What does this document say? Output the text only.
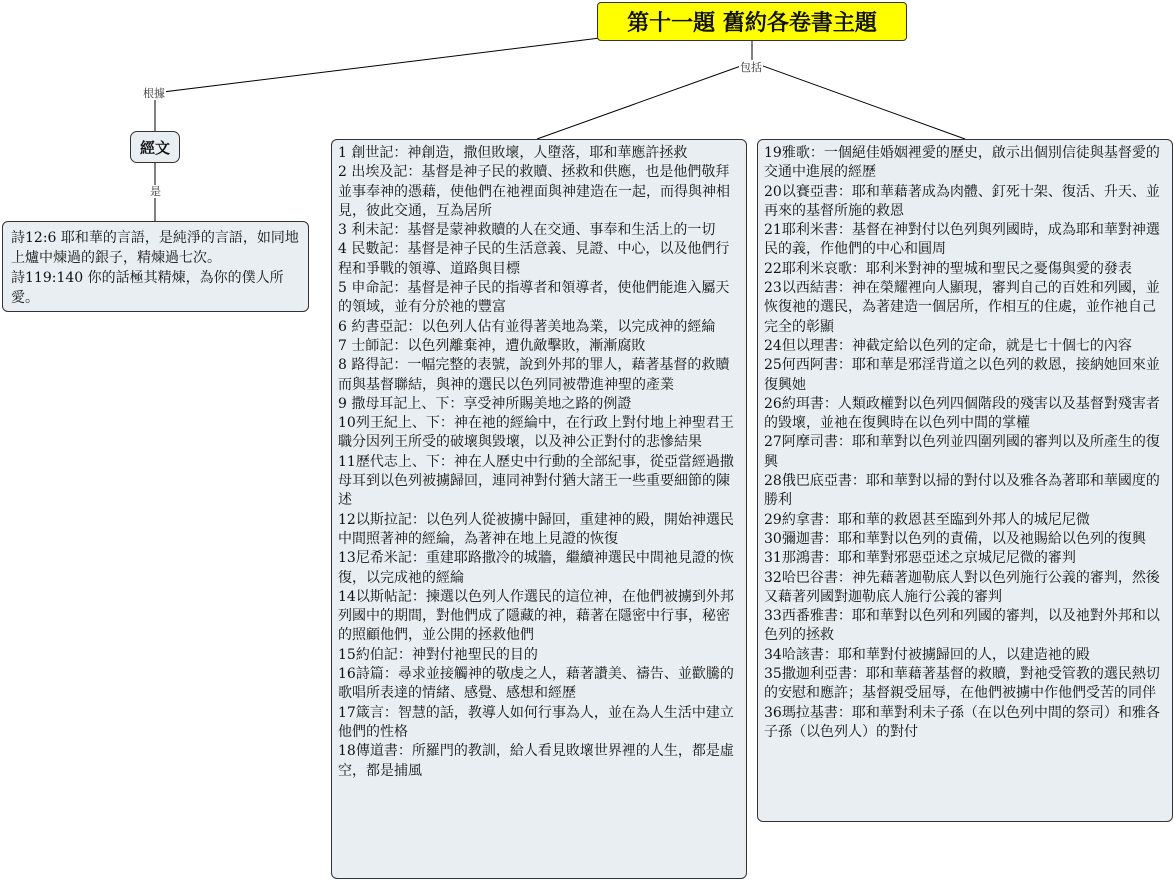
根據
包括
是
第十一題 舊約各卷書主題
經文
詩12:6 耶和華的言語，是純淨的言語，如同地上爐中煉過的銀子，精煉過七次。
詩119:140 你的話極其精煉，為你的僕人所愛。
1 創世記：神創造，撒但敗壞，人墮落，耶和華應許拯救
2 出埃及記：基督是神子民的救贖、拯救和供應，也是他們敬拜並事奉神的憑藉，使他們在祂裡面與神建造在一起，而得與神相見，彼此交通，互為居所
3 利未記：基督是蒙神救贖的人在交通、事奉和生活上的一切
4 民數記：基督是神子民的生活意義、見證、中心，以及他們行程和爭戰的領導、道路與目標
5 申命記：基督是神子民的指導者和領導者，使他們能進入屬天的領域，並有分於祂的豐富
6 約書亞記：以色列人佔有並得著美地為業，以完成神的經綸
7 士師記：以色列離棄神，遭仇敵擊敗，漸漸腐敗
8 路得記：一幅完整的表號，說到外邦的罪人，藉著基督的救贖而與基督聯結，與神的選民以色列同被帶進神聖的產業
9 撒母耳記上、下：享受神所賜美地之路的例證
10列王紀上、下：神在祂的經綸中，在行政上對付地上神聖君王職分因列王所受的破壞與毀壞，以及神公正對付的悲慘結果
11歷代志上、下：神在人歷史中行動的全部紀事，從亞當經過撒母耳到以色列被擄歸回，連同神對付猶大諸王一些重要細節的陳述
12以斯拉記：以色列人從被擄中歸回，重建神的殿，開始神選民中間照著神的經綸，為著神在地上見證的恢復
13尼希米記：重建耶路撒冷的城牆，繼續神選民中間祂見證的恢復，以完成祂的經綸
14以斯帖記：揀選以色列人作選民的這位神，在他們被擄到外邦列國中的期間，對他們成了隱藏的神，藉著在隱密中行事，秘密的照顧他們，並公開的拯救他們
15約伯記：神對付祂聖民的目的
16詩篇：尋求並接觸神的敬虔之人，藉著讚美、禱告、並歡騰的歌唱所表達的情緒、感覺、感想和經歷
17箴言：智慧的話，教導人如何行事為人，並在為人生活中建立他們的性格
18傳道書：所羅門的教訓，給人看見敗壞世界裡的人生，都是虛空，都是捕風
19雅歌：一個絕佳婚姻裡愛的歷史，啟示出個別信徒與基督愛的交通中進展的經歷
20以賽亞書：耶和華藉著成為肉體、釘死十架、復活、升天、並再來的基督所施的救恩
21耶利米書：基督在神對付以色列與列國時，成為耶和華對神選民的義，作他們的中心和圓周
22耶利米哀歌：耶利米對神的聖城和聖民之憂傷與愛的發表
23以西結書：神在榮耀裡向人顯現，審判自己的百姓和列國，並恢復祂的選民，為著建造一個居所，作相互的住處，並作祂自己完全的彰顯
24但以理書：神截定給以色列的定命，就是七十個七的內容
25何西阿書：耶和華是邪淫背道之以色列的救恩，接納她回來並復興她
26約珥書：人類政權對以色列四個階段的殘害以及基督對殘害者的毀壞，並祂在復興時在以色列中間的掌權
27阿摩司書：耶和華對以色列並四圍列國的審判以及所產生的復興
28俄巴底亞書：耶和華對以掃的對付以及雅各為著耶和華國度的勝利
29約拿書：耶和華的救恩甚至臨到外邦人的城尼尼微
30彌迦書：耶和華對以色列的責備，以及祂賜給以色列的復興
31那鴻書：耶和華對邪惡亞述之京城尼尼微的審判
32哈巴谷書：神先藉著迦勒底人對以色列施行公義的審判，然後又藉著列國對迦勒底人施行公義的審判
33西番雅書：耶和華對以色列和列國的審判，以及祂對外邦和以色列的拯救
34哈該書：耶和華對付被擄歸回的人，以建造祂的殿
35撒迦利亞書：耶和華藉著基督的救贖，對祂受管教的選民熱切的安慰和應許；基督親受屈辱，在他們被擄中作他們受苦的同伴
36瑪拉基書：耶和華對利未子孫（在以色列中間的祭司）和雅各子孫（以色列人）的對付
